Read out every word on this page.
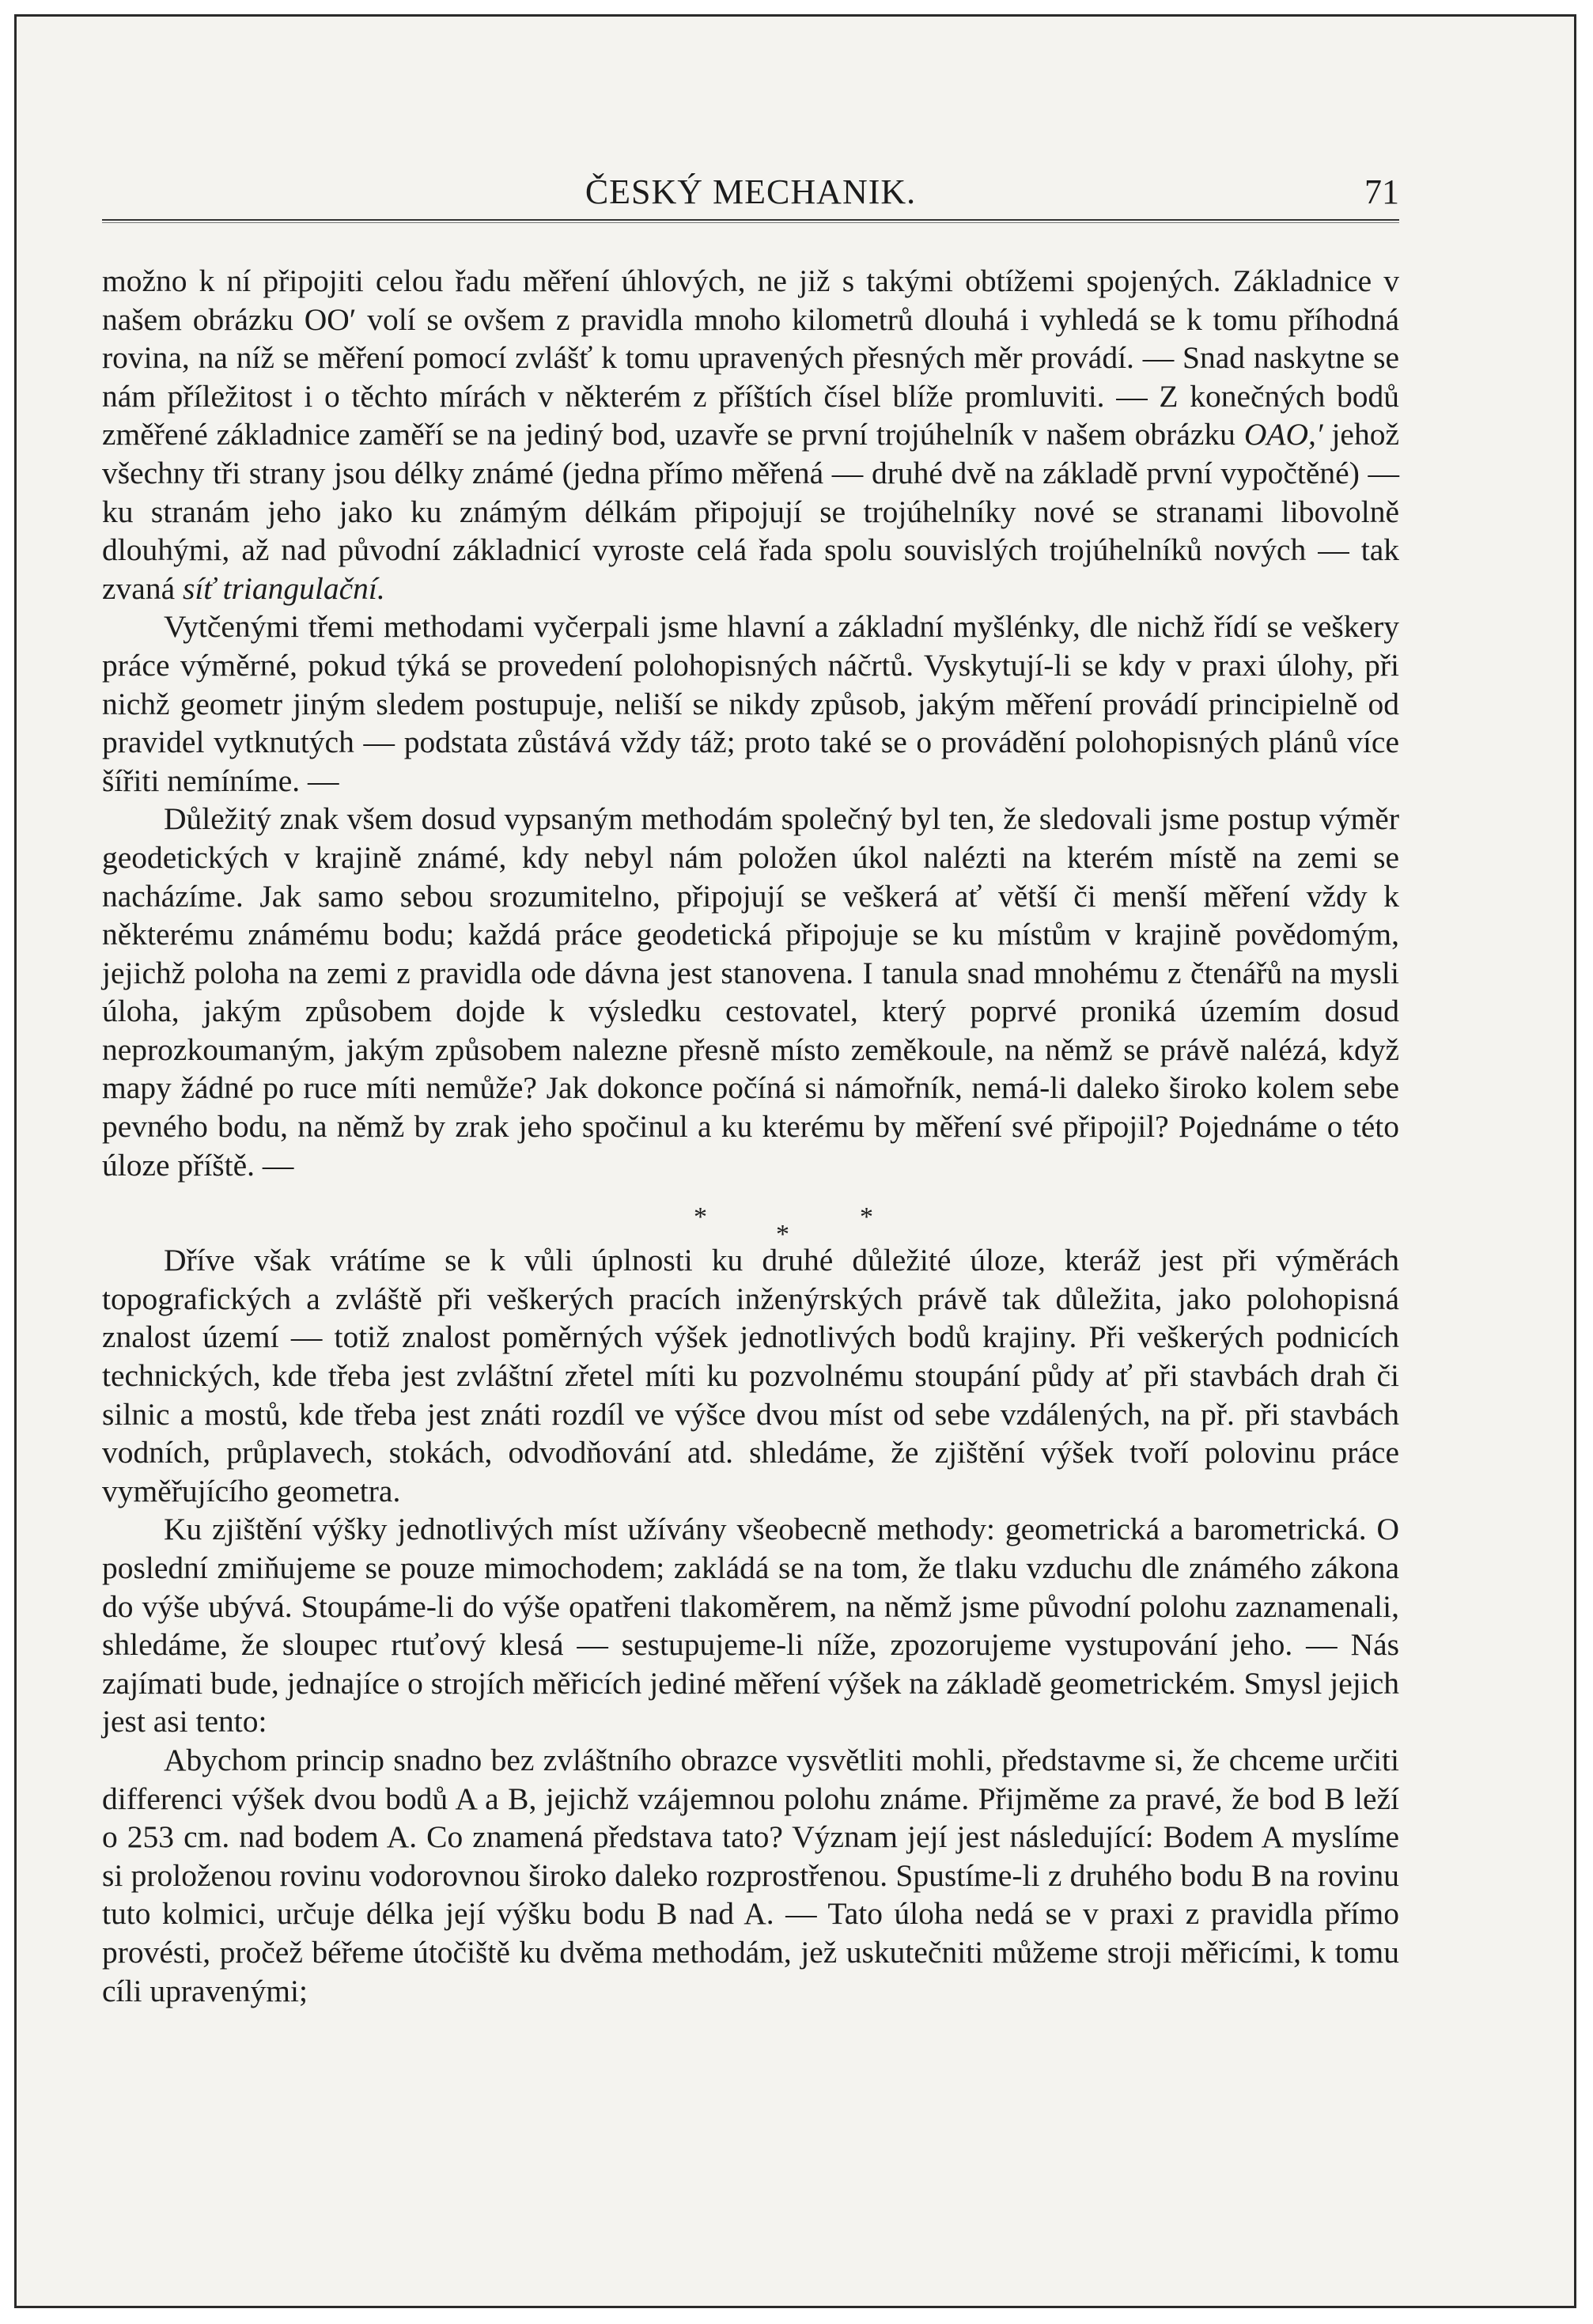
ČESKÝ MECHANIK.	71

možno k ní připojiti celou řadu měření úhlových, ne již s takými obtížemi spojených. Základnice v našem obrázku OO′ volí se ovšem z pravidla mnoho kilometrů dlouhá i vyhledá se k tomu příhodná rovina, na níž se měření pomocí zvlášť k tomu upravených přesných měr provádí. — Snad naskytne se nám příležitost i o těchto mírách v některém z příštích čísel blíže promluviti. — Z konečných bodů změřené základnice zaměří se na jediný bod, uzavře se první trojúhelník v našem obrázku OAO,′ jehož všechny tři strany jsou délky známé (jedna přímo měřená — druhé dvě na základě první vypočtěné) — ku stranám jeho jako ku známým délkám připojují se trojúhelníky nové se stranami libovolně dlouhými, až nad původní základnicí vyroste celá řada spolu souvislých trojúhelníků nových — tak zvaná síť triangulační.

Vytčenými třemi methodami vyčerpali jsme hlavní a základní myšlénky, dle nichž řídí se veškery práce výměrné, pokud týká se provedení polohopisných náčrtů. Vyskytují-li se kdy v praxi úlohy, při nichž geometr jiným sledem postupuje, neliší se nikdy způsob, jakým měření provádí principielně od pravidel vytknutých — podstata zůstává vždy táž; proto také se o provádění polohopisných plánů více šířiti nemíníme. —

Důležitý znak všem dosud vypsaným methodám společný byl ten, že sledovali jsme postup výměr geodetických v krajině známé, kdy nebyl nám položen úkol nalézti na kterém místě na zemi se nacházíme. Jak samo sebou srozumitelno, připojují se veškerá ať větší či menší měření vždy k některému známému bodu; každá práce geodetická připojuje se ku místům v krajině povědomým, jejichž poloha na zemi z pravidla ode dávna jest stanovena. I tanula snad mnohému z čtenářů na mysli úloha, jakým způsobem dojde k výsledku cestovatel, který poprvé proniká územím dosud neprozkoumaným, jakým způsobem nalezne přesně místo zeměkoule, na němž se právě nalézá, když mapy žádné po ruce míti nemůže? Jak dokonce počíná si námořník, nemá-li daleko široko kolem sebe pevného bodu, na němž by zrak jeho spočinul a ku kterému by měření své připojil? Pojednáme o této úloze příště. —

*	*
*

Dříve však vrátíme se k vůli úplnosti ku druhé důležité úloze, kteráž jest při výměrách topografických a zvláště při veškerých pracích inženýrských právě tak důležita, jako polohopisná znalost území — totiž znalost poměrných výšek jednotlivých bodů krajiny. Při veškerých podnicích technických, kde třeba jest zvláštní zřetel míti ku pozvolnému stoupání půdy ať při stavbách drah či silnic a mostů, kde třeba jest znáti rozdíl ve výšce dvou míst od sebe vzdálených, na př. při stavbách vodních, průplavech, stokách, odvodňování atd. shledáme, že zjištění výšek tvoří polovinu práce vyměřujícího geometra.

Ku zjištění výšky jednotlivých míst užívány všeobecně methody: geometrická a barometrická. O poslední zmiňujeme se pouze mimochodem; zakládá se na tom, že tlaku vzduchu dle známého zákona do výše ubývá. Stoupáme-li do výše opatřeni tlakoměrem, na němž jsme původní polohu zaznamenali, shledáme, že sloupec rtuťový klesá — sestupujeme-li níže, zpozorujeme vystupování jeho. — Nás zajímati bude, jednajíce o strojích měřicích jediné měření výšek na základě geometrickém. Smysl jejich jest asi tento:

Abychom princip snadno bez zvláštního obrazce vysvětliti mohli, představme si, že chceme určiti differenci výšek dvou bodů A a B, jejichž vzájemnou polohu známe. Přijměme za pravé, že bod B leží o 253 cm. nad bodem A. Co znamená představa tato? Význam její jest následující: Bodem A myslíme si proloženou rovinu vodorovnou široko daleko rozprostřenou. Spustíme-li z druhého bodu B na rovinu tuto kolmici, určuje délka její výšku bodu B nad A. — Tato úloha nedá se v praxi z pravidla přímo provésti, pročež béřeme útočiště ku dvěma methodám, jež uskutečniti můžeme stroji měřicími, k tomu cíli upravenými;
